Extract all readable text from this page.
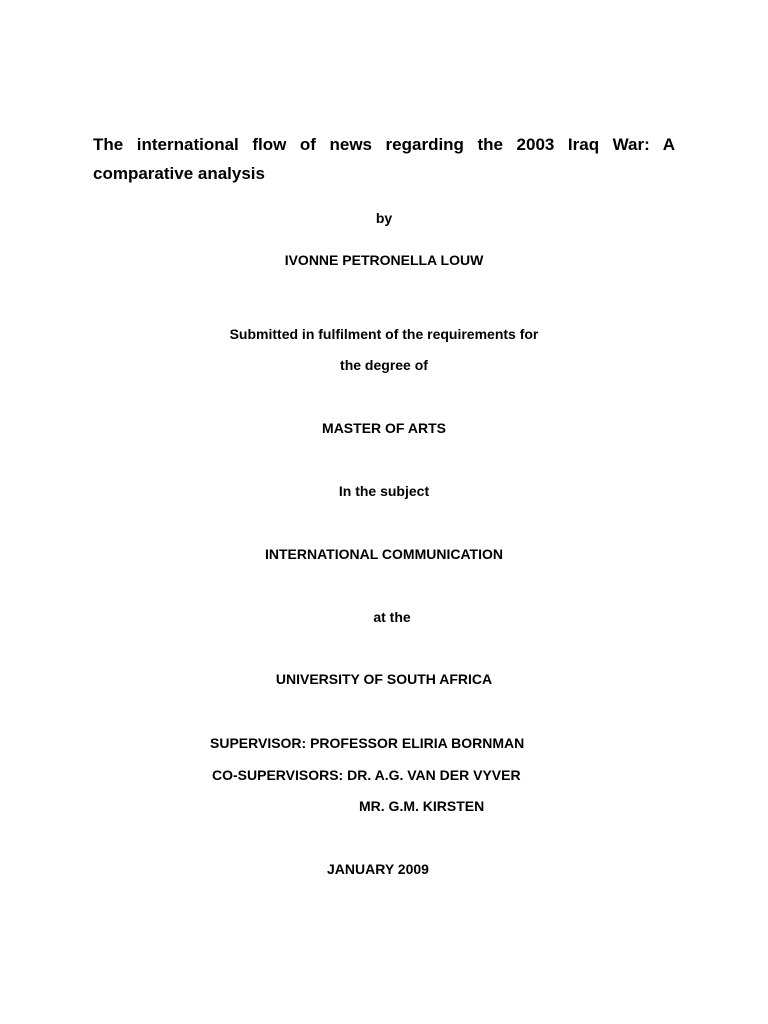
The international flow of news regarding the 2003 Iraq War: A comparative analysis

by

IVONNE PETRONELLA LOUW

Submitted in fulfilment of the requirements for

the degree of

MASTER OF ARTS

In the subject

INTERNATIONAL COMMUNICATION

at the

UNIVERSITY OF SOUTH AFRICA

SUPERVISOR: PROFESSOR ELIRIA BORNMAN

CO-SUPERVISORS: DR. A.G. VAN DER VYVER

MR. G.M. KIRSTEN

JANUARY 2009
